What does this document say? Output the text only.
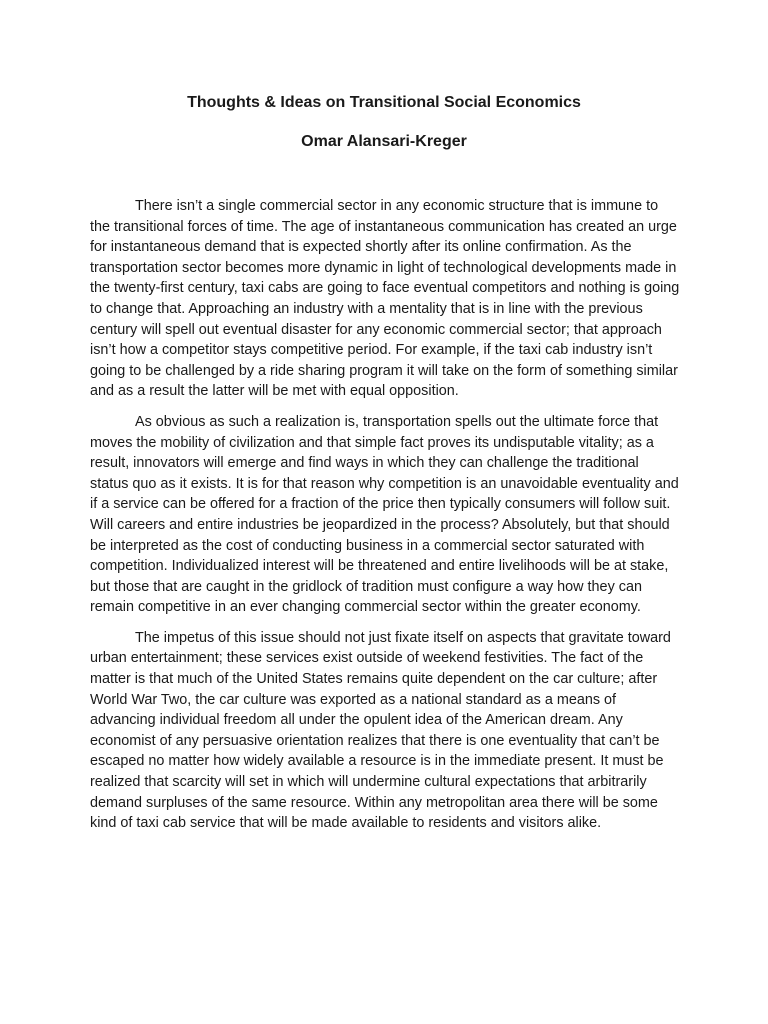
Thoughts & Ideas on Transitional Social Economics
Omar Alansari-Kreger

There isn’t a single commercial sector in any economic structure that is immune to the transitional forces of time. The age of instantaneous communication has created an urge for instantaneous demand that is expected shortly after its online confirmation. As the transportation sector becomes more dynamic in light of technological developments made in the twenty-first century, taxi cabs are going to face eventual competitors and nothing is going to change that. Approaching an industry with a mentality that is in line with the previous century will spell out eventual disaster for any economic commercial sector; that approach isn’t how a competitor stays competitive period. For example, if the taxi cab industry isn’t going to be challenged by a ride sharing program it will take on the form of something similar and as a result the latter will be met with equal opposition.

As obvious as such a realization is, transportation spells out the ultimate force that moves the mobility of civilization and that simple fact proves its undisputable vitality; as a result, innovators will emerge and find ways in which they can challenge the traditional status quo as it exists. It is for that reason why competition is an unavoidable eventuality and if a service can be offered for a fraction of the price then typically consumers will follow suit. Will careers and entire industries be jeopardized in the process? Absolutely, but that should be interpreted as the cost of conducting business in a commercial sector saturated with competition. Individualized interest will be threatened and entire livelihoods will be at stake, but those that are caught in the gridlock of tradition must configure a way how they can remain competitive in an ever changing commercial sector within the greater economy.

The impetus of this issue should not just fixate itself on aspects that gravitate toward urban entertainment; these services exist outside of weekend festivities. The fact of the matter is that much of the United States remains quite dependent on the car culture; after World War Two, the car culture was exported as a national standard as a means of advancing individual freedom all under the opulent idea of the American dream. Any economist of any persuasive orientation realizes that there is one eventuality that can’t be escaped no matter how widely available a resource is in the immediate present. It must be realized that scarcity will set in which will undermine cultural expectations that arbitrarily demand surpluses of the same resource. Within any metropolitan area there will be some kind of taxi cab service that will be made available to residents and visitors alike.
